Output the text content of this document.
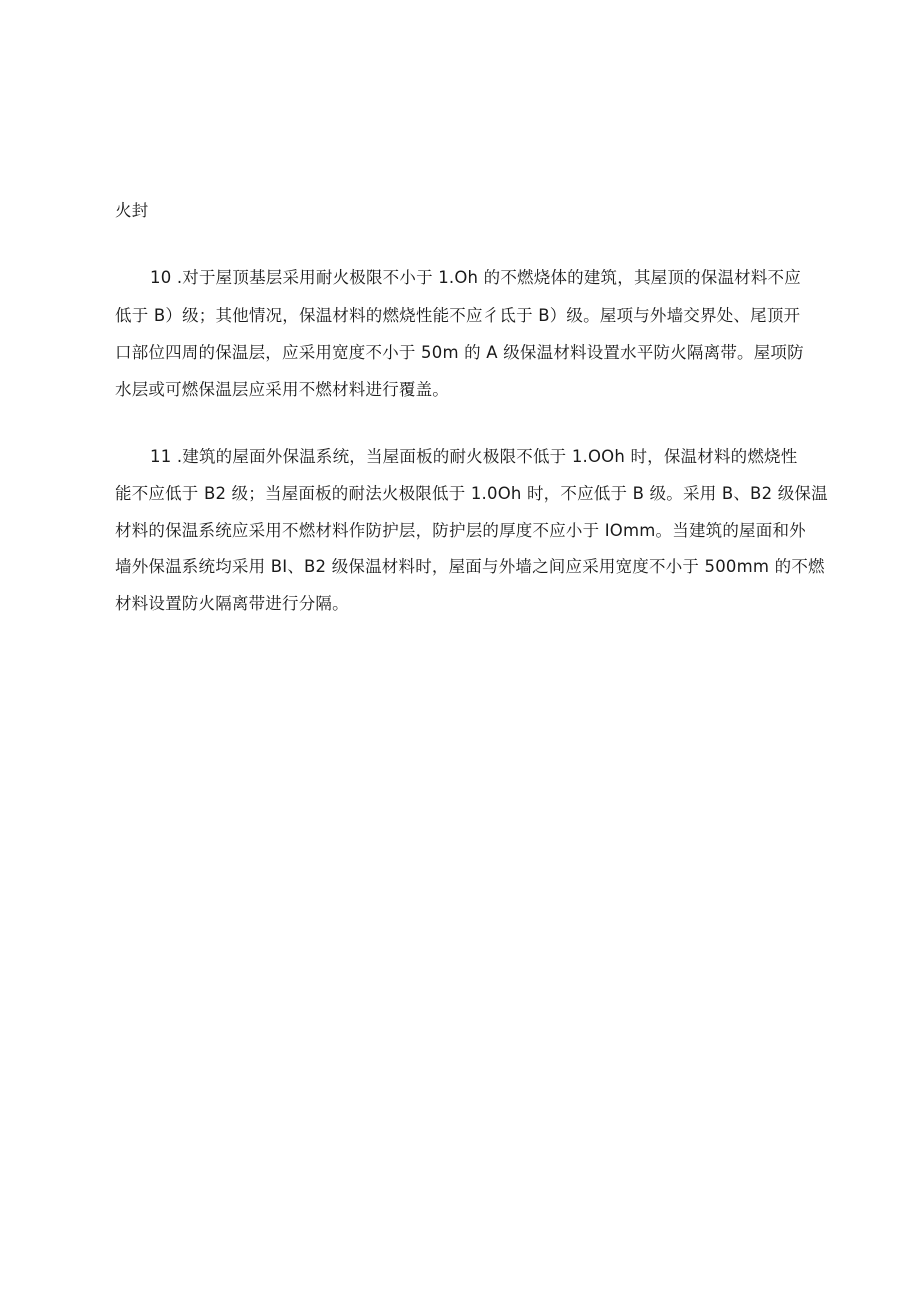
火封
10 .对于屋顶基层采用耐火极限不小于 1.Oh 的不燃烧体的建筑，其屋顶的保温材料不应
低于 B）级；其他情况，保温材料的燃烧性能不应彳氐于 B）级。屋项与外墙交界处、尾顶开
口部位四周的保温层，应采用宽度不小于 50m 的 A 级保温材料设置水平防火隔离带。屋项防
水层或可燃保温层应采用不燃材料进行覆盖。
11 .建筑的屋面外保温系统，当屋面板的耐火极限不低于 1.OOh 时，保温材料的燃烧性
能不应低于 B2 级；当屋面板的耐法火极限低于 1.0Oh 时，不应低于 B 级。采用 B、B2 级保温
材料的保温系统应采用不燃材料作防护层，防护层的厚度不应小于 IOmm。当建筑的屋面和外
墙外保温系统均采用 BI、B2 级保温材料时，屋面与外墙之间应采用宽度不小于 500mm 的不燃
材料设置防火隔离带进行分隔。
